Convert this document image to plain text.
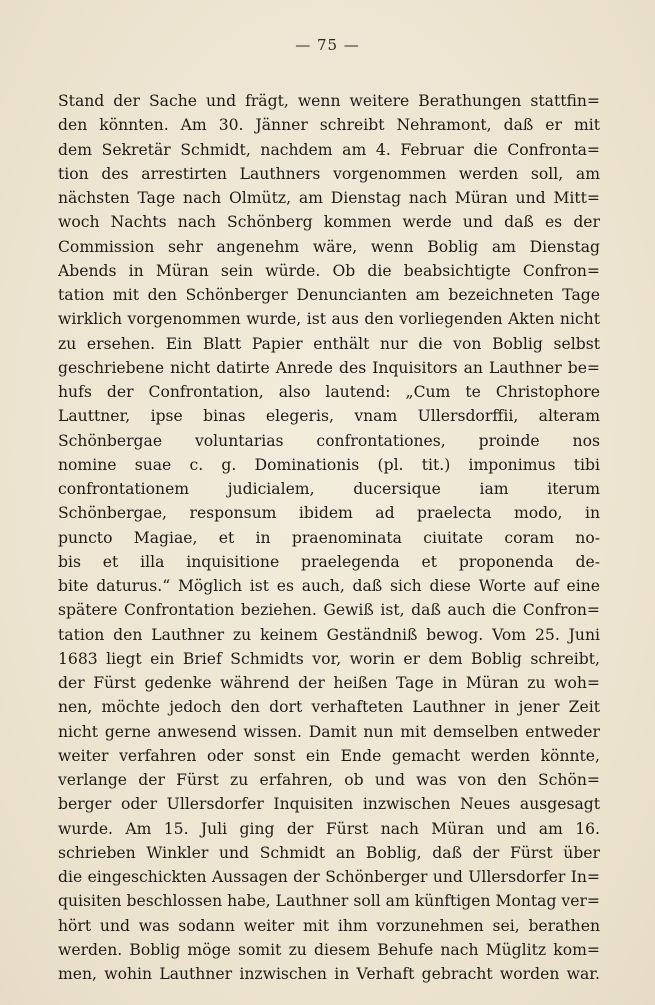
— 75 —
Stand der Sache und frägt, wenn weitere Berathungen stattfin=
den könnten. Am 30. Jänner schreibt Nehramont, daß er mit
dem Sekretär Schmidt, nachdem am 4. Februar die Confronta=
tion des arrestirten Lauthners vorgenommen werden soll, am
nächsten Tage nach Olmütz, am Dienstag nach Müran und Mitt=
woch Nachts nach Schönberg kommen werde und daß es der
Commission sehr angenehm wäre, wenn Boblig am Dienstag
Abends in Müran sein würde. Ob die beabsichtigte Confron=
tation mit den Schönberger Denuncianten am bezeichneten Tage
wirklich vorgenommen wurde, ist aus den vorliegenden Akten nicht
zu ersehen. Ein Blatt Papier enthält nur die von Boblig selbst
geschriebene nicht datirte Anrede des Inquisitors an Lauthner be=
hufs der Confrontation, also lautend: „Cum te Christophore
Lauttner, ipse binas elegeris, vnam Ullersdorffii, alteram
Schönbergae voluntarias confrontationes, proinde nos
nomine suae c. g. Dominationis (pl. tit.) imponimus tibi
confrontationem judicialem, ducersique iam iterum
Schönbergae, responsum ibidem ad praelecta modo, in
puncto Magiae, et in praenominata ciuitate coram no-
bis et illa inquisitione praelegenda et proponenda de-
bite daturus.“ Möglich ist es auch, daß sich diese Worte auf eine
spätere Confrontation beziehen. Gewiß ist, daß auch die Confron=
tation den Lauthner zu keinem Geständniß bewog. Vom 25. Juni
1683 liegt ein Brief Schmidts vor, worin er dem Boblig schreibt,
der Fürst gedenke während der heißen Tage in Müran zu woh=
nen, möchte jedoch den dort verhafteten Lauthner in jener Zeit
nicht gerne anwesend wissen. Damit nun mit demselben entweder
weiter verfahren oder sonst ein Ende gemacht werden könnte,
verlange der Fürst zu erfahren, ob und was von den Schön=
berger oder Ullersdorfer Inquisiten inzwischen Neues ausgesagt
wurde. Am 15. Juli ging der Fürst nach Müran und am 16.
schrieben Winkler und Schmidt an Boblig, daß der Fürst über
die eingeschickten Aussagen der Schönberger und Ullersdorfer In=
quisiten beschlossen habe, Lauthner soll am künftigen Montag ver=
hört und was sodann weiter mit ihm vorzunehmen sei, berathen
werden. Boblig möge somit zu diesem Behufe nach Müglitz kom=
men, wohin Lauthner inzwischen in Verhaft gebracht worden war.
